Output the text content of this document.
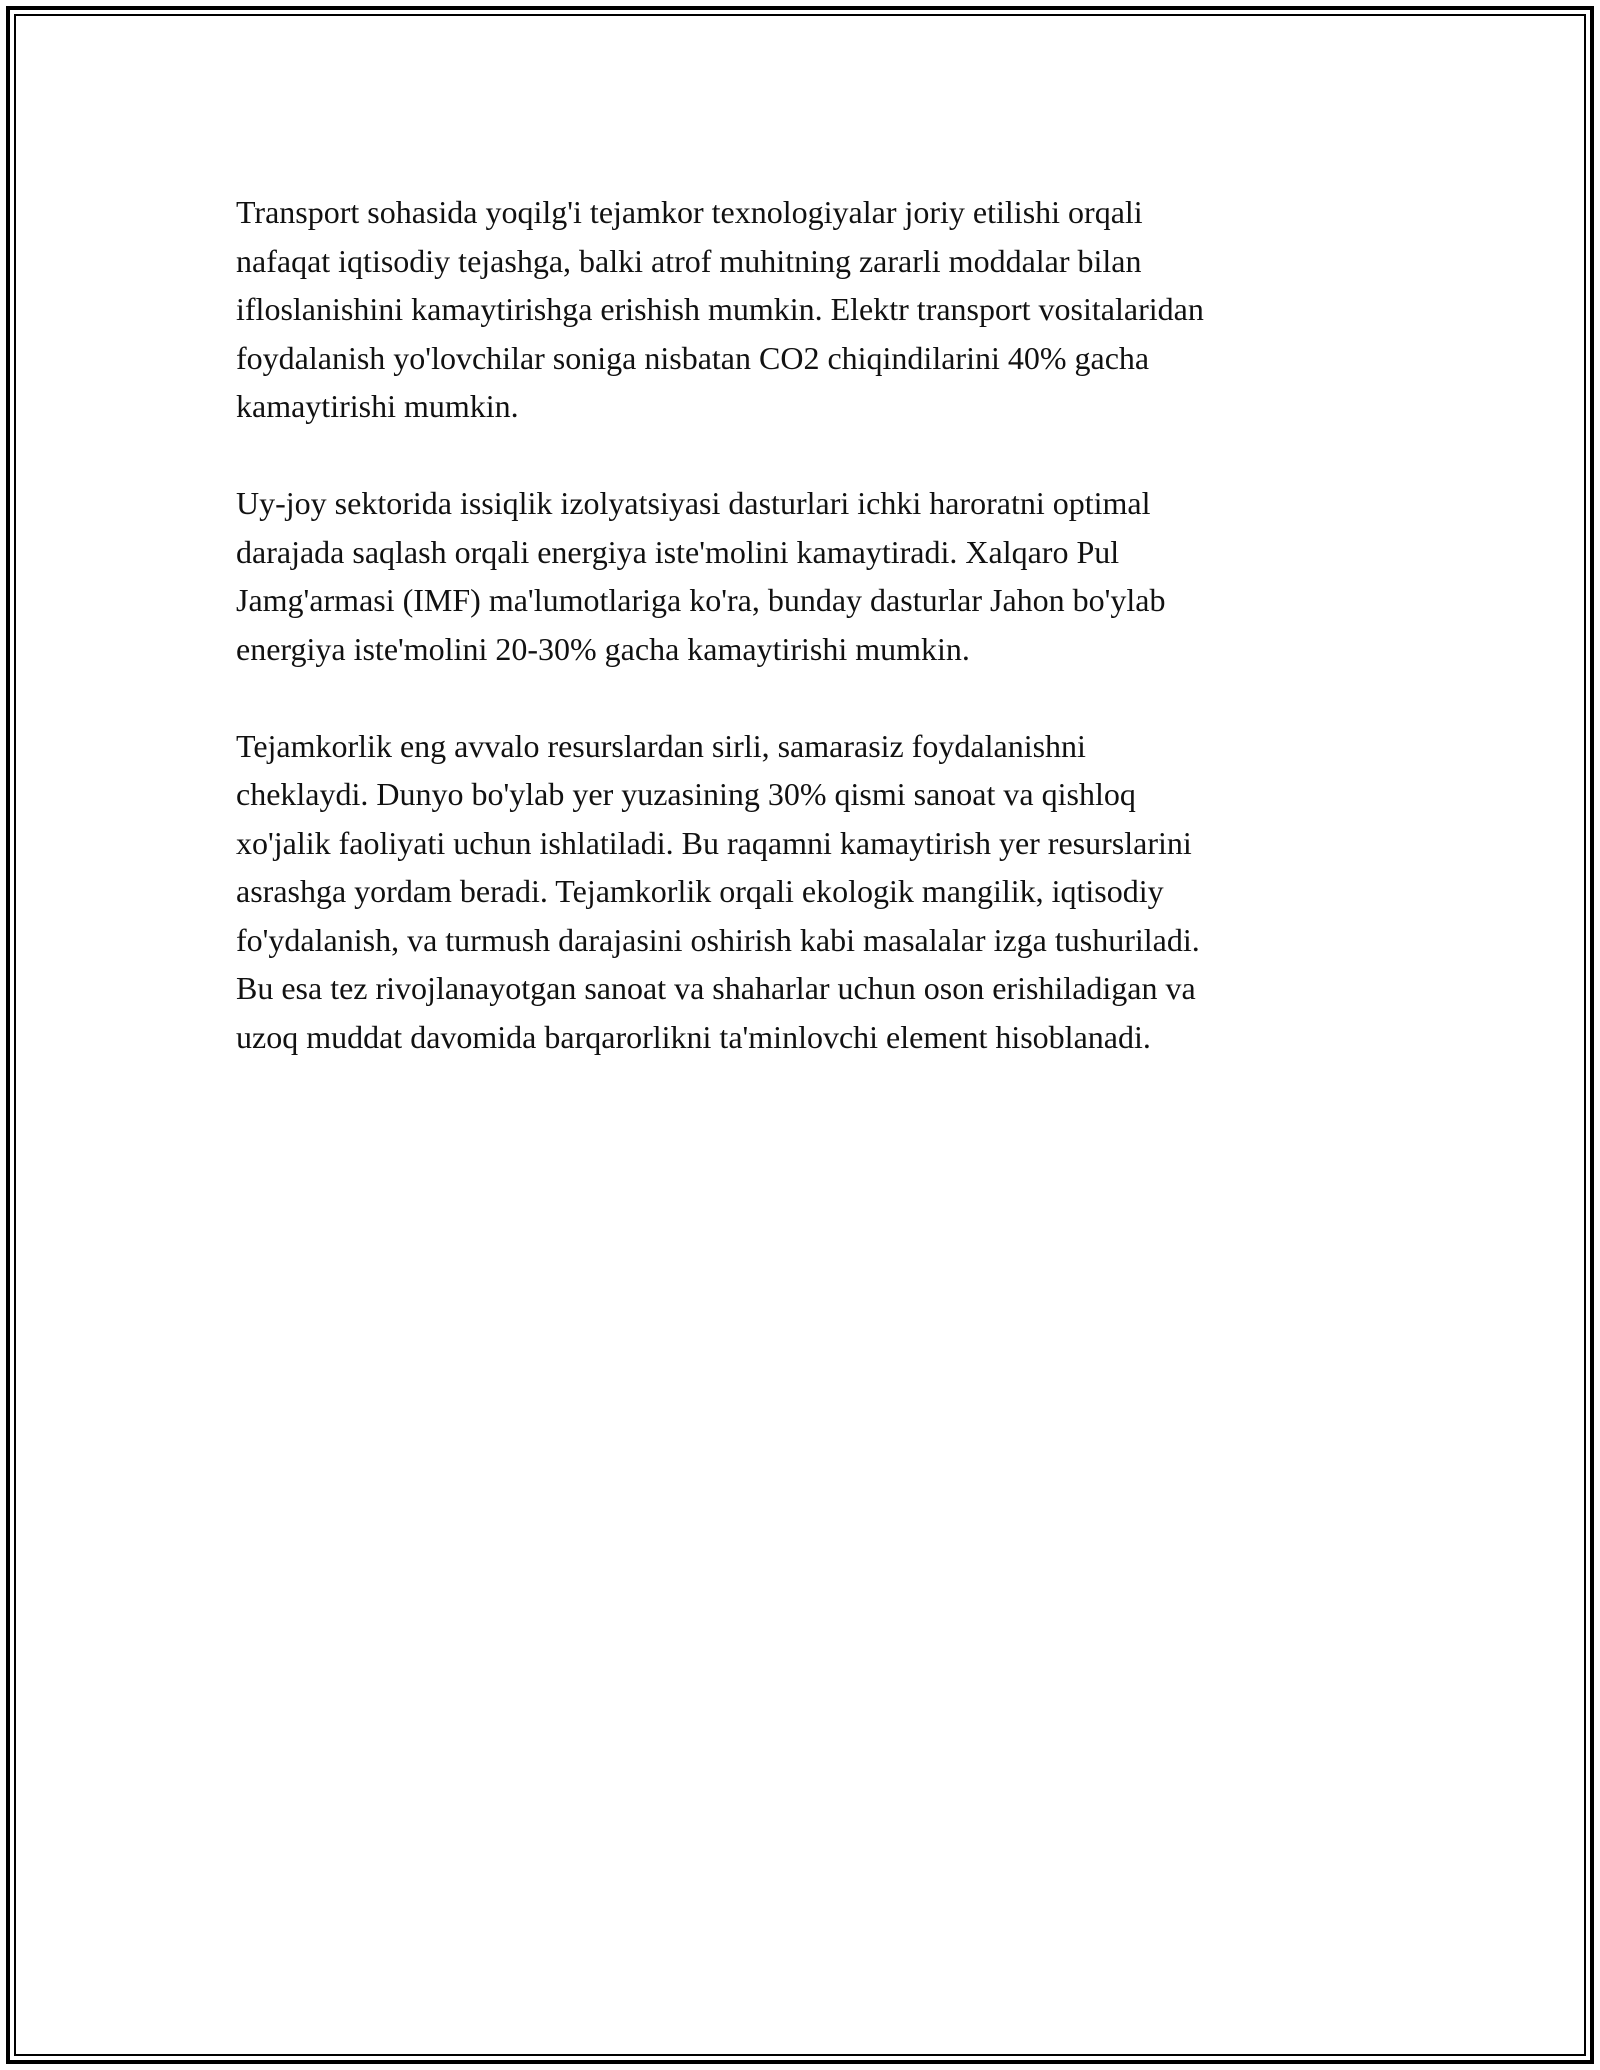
Transport sohasida yoqilg'i tejamkor texnologiyalar joriy etilishi orqali
nafaqat iqtisodiy tejashga, balki atrof muhitning zararli moddalar bilan
ifloslanishini kamaytirishga erishish mumkin. Elektr transport vositalaridan
foydalanish yo'lovchilar soniga nisbatan CO2 chiqindilarini 40% gacha
kamaytirishi mumkin.

Uy-joy sektorida issiqlik izolyatsiyasi dasturlari ichki haroratni optimal
darajada saqlash orqali energiya iste'molini kamaytiradi. Xalqaro Pul
Jamg'armasi (IMF) ma'lumotlariga ko'ra, bunday dasturlar Jahon bo'ylab
energiya iste'molini 20-30% gacha kamaytirishi mumkin.

Tejamkorlik eng avvalo resurslardan sirli, samarasiz foydalanishni
cheklaydi. Dunyo bo'ylab yer yuzasining 30% qismi sanoat va qishloq
xo'jalik faoliyati uchun ishlatiladi. Bu raqamni kamaytirish yer resurslarini
asrashga yordam beradi. Tejamkorlik orqali ekologik mangilik, iqtisodiy
fo'ydalanish, va turmush darajasini oshirish kabi masalalar izga tushuriladi.
Bu esa tez rivojlanayotgan sanoat va shaharlar uchun oson erishiladigan va
uzoq muddat davomida barqarorlikni ta'minlovchi element hisoblanadi.
